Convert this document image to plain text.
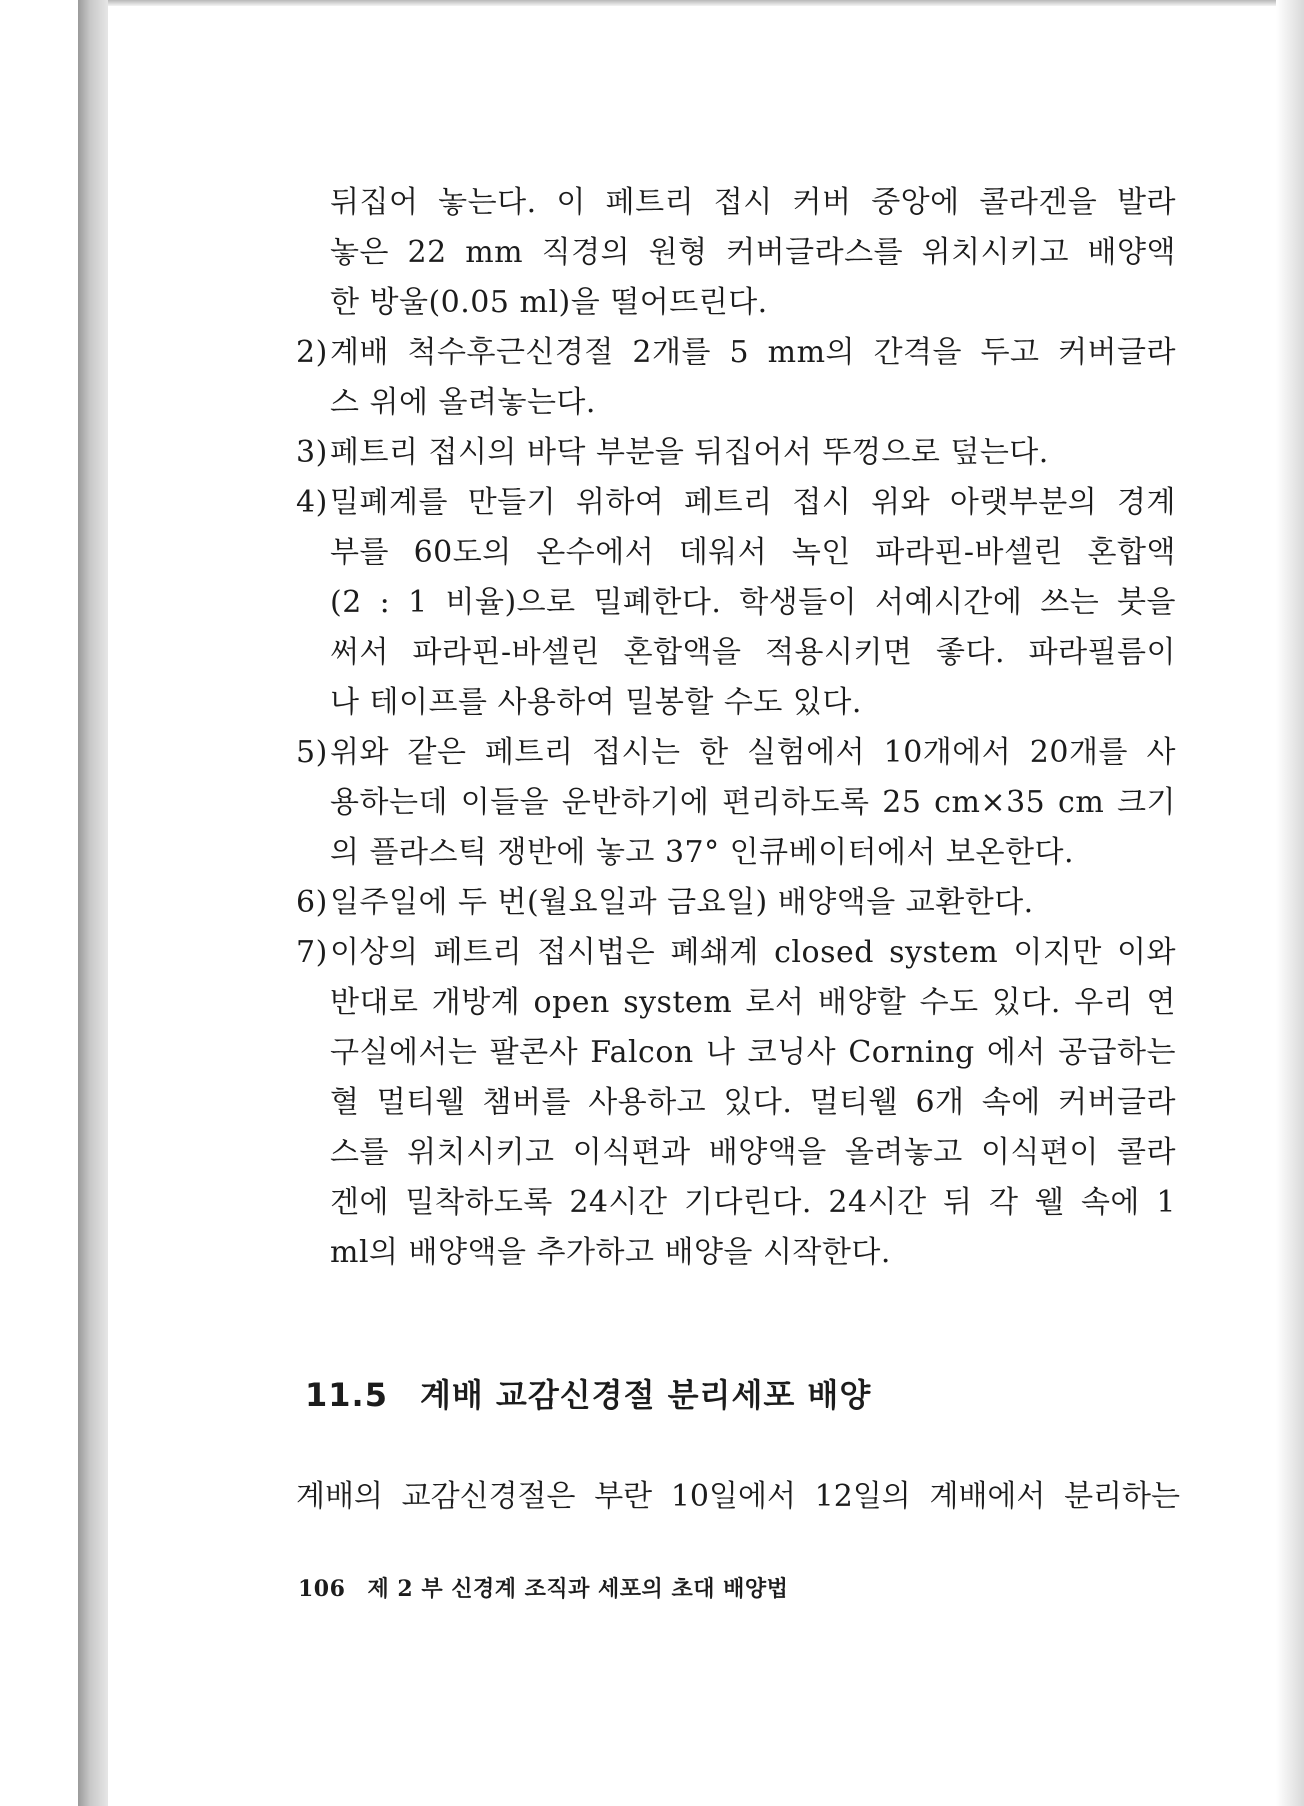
뒤집어 놓는다. 이 페트리 접시 커버 중앙에 콜라겐을 발라
놓은 22 mm 직경의 원형 커버글라스를 위치시키고 배양액
한 방울(0.05 ml)을 떨어뜨린다.
2)계배 척수후근신경절 2개를 5 mm의 간격을 두고 커버글라
스 위에 올려놓는다.
3)페트리 접시의 바닥 부분을 뒤집어서 뚜껑으로 덮는다.
4)밀폐계를 만들기 위하여 페트리 접시 위와 아랫부분의 경계
부를 60도의 온수에서 데워서 녹인 파라핀-바셀린 혼합액
(2 : 1 비율)으로 밀폐한다. 학생들이 서예시간에 쓰는 붓을
써서 파라핀-바셀린 혼합액을 적용시키면 좋다. 파라필름이
나 테이프를 사용하여 밀봉할 수도 있다.
5)위와 같은 페트리 접시는 한 실험에서 10개에서 20개를 사
용하는데 이들을 운반하기에 편리하도록 25 cm×35 cm 크기
의 플라스틱 쟁반에 놓고 37° 인큐베이터에서 보온한다.
6)일주일에 두 번(월요일과 금요일) 배양액을 교환한다.
7)이상의 페트리 접시법은 폐쇄계 closed system 이지만 이와
반대로 개방계 open system 로서 배양할 수도 있다. 우리 연
구실에서는 팔콘사 Falcon 나 코닝사 Corning 에서 공급하는
혈 멀티웰 챔버를 사용하고 있다. 멀티웰 6개 속에 커버글라
스를 위치시키고 이식편과 배양액을 올려놓고 이식편이 콜라
겐에 밀착하도록 24시간 기다린다. 24시간 뒤 각 웰 속에 1
ml의 배양액을 추가하고 배양을 시작한다.
11.5 계배 교감신경절 분리세포 배양
계배의 교감신경절은 부란 10일에서 12일의 계배에서 분리하는
106 제 2 부 신경계 조직과 세포의 초대 배양법
